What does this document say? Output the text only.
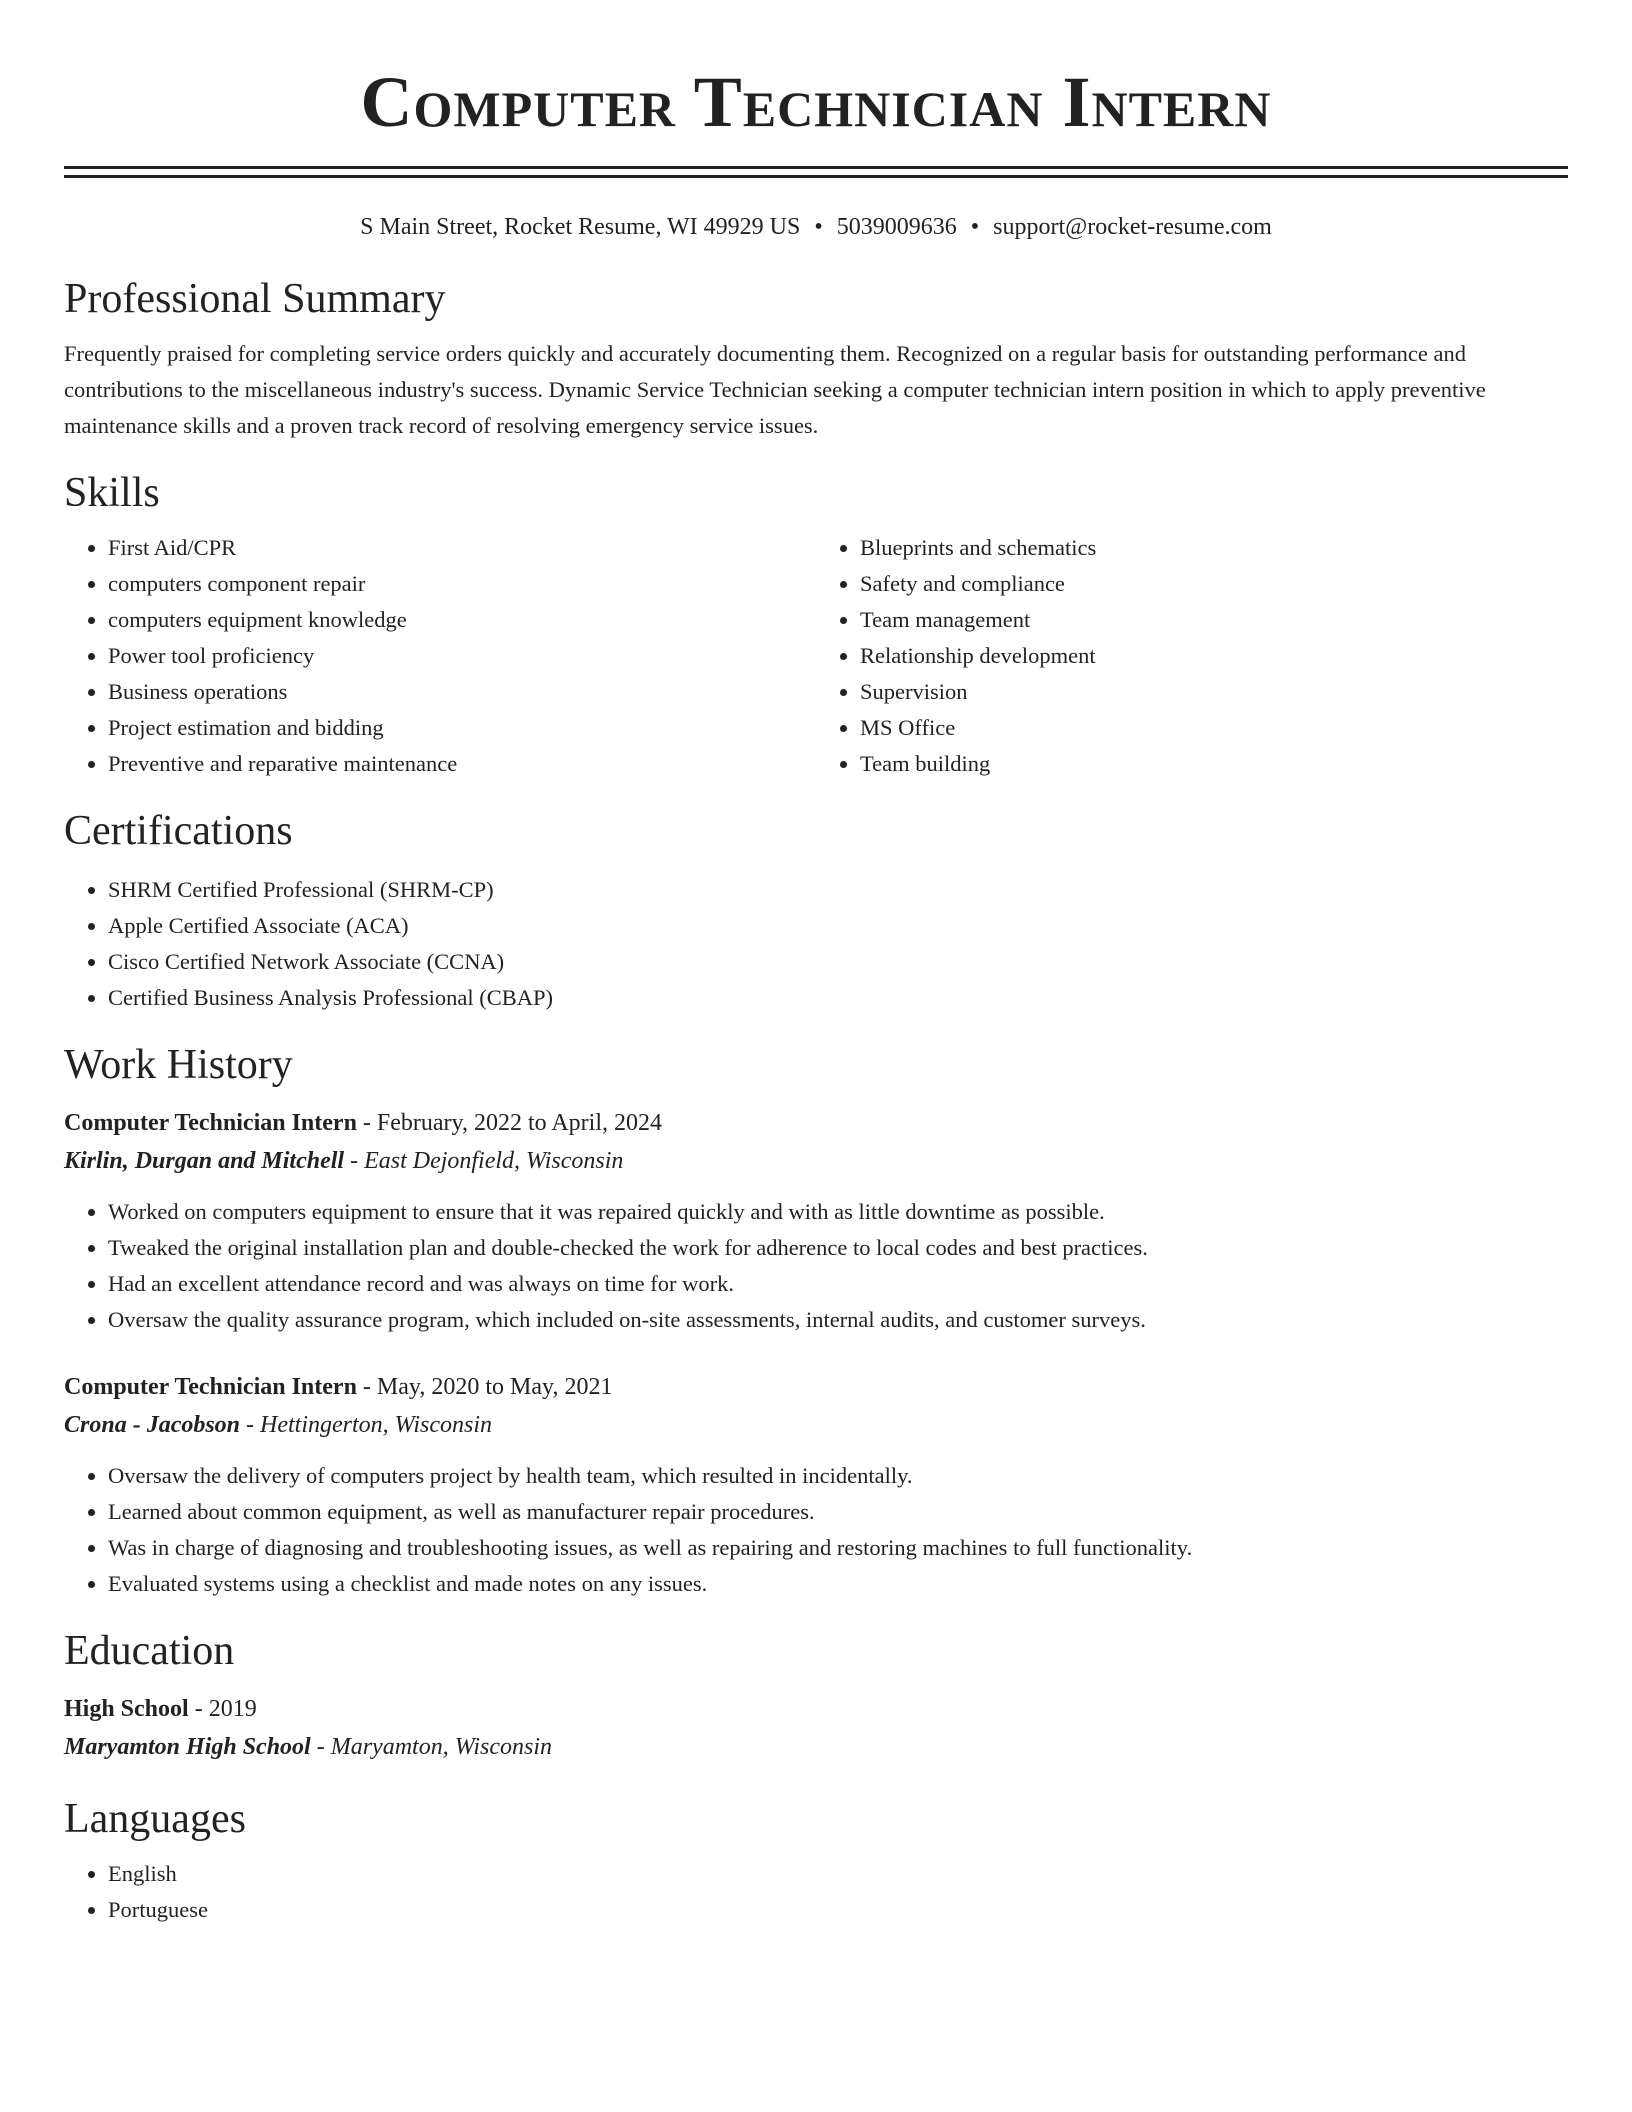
Computer Technician Intern
S Main Street, Rocket Resume, WI 49929 US • 5039009636 • support@rocket-resume.com
Professional Summary

Frequently praised for completing service orders quickly and accurately documenting them. Recognized on a regular basis for outstanding performance and contributions to the miscellaneous industry's success. Dynamic Service Technician seeking a computer technician intern position in which to apply preventive maintenance skills and a proven track record of resolving emergency service issues.

Skills
• First Aid/CPR
• computers component repair
• computers equipment knowledge
• Power tool proficiency
• Business operations
• Project estimation and bidding
• Preventive and reparative maintenance
• Blueprints and schematics
• Safety and compliance
• Team management
• Relationship development
• Supervision
• MS Office
• Team building
Certifications
• SHRM Certified Professional (SHRM-CP)
• Apple Certified Associate (ACA)
• Cisco Certified Network Associate (CCNA)
• Certified Business Analysis Professional (CBAP)
Work History

Computer Technician Intern - February, 2022 to April, 2024

Kirlin, Durgan and Mitchell - East Dejonfield, Wisconsin

• Worked on computers equipment to ensure that it was repaired quickly and with as little downtime as possible.
• Tweaked the original installation plan and double-checked the work for adherence to local codes and best practices.
• Had an excellent attendance record and was always on time for work.
• Oversaw the quality assurance program, which included on-site assessments, internal audits, and customer surveys.

Computer Technician Intern - May, 2020 to May, 2021

Crona - Jacobson - Hettingerton, Wisconsin

• Oversaw the delivery of computers project by health team, which resulted in incidentally.
• Learned about common equipment, as well as manufacturer repair procedures.
• Was in charge of diagnosing and troubleshooting issues, as well as repairing and restoring machines to full functionality.
• Evaluated systems using a checklist and made notes on any issues.
Education

High School - 2019

Maryamton High School - Maryamton, Wisconsin

Languages
• English
• Portuguese
